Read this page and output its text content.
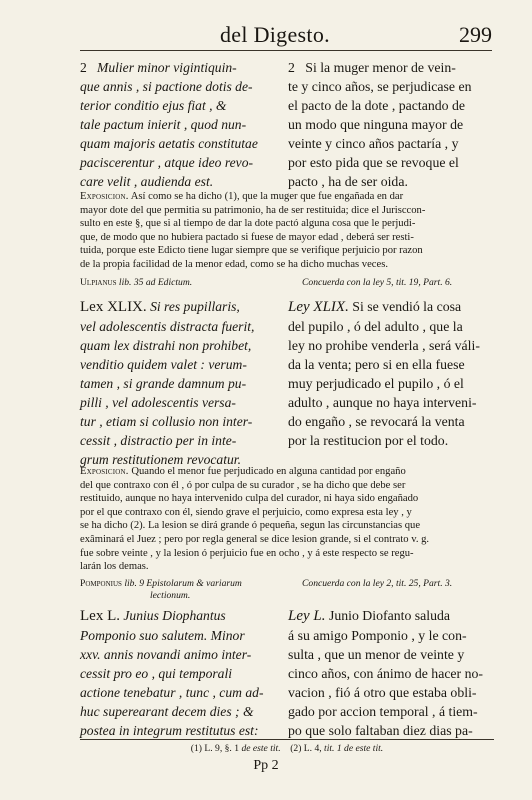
del Digesto.	299
2 Mulier minor vigintiquin-
que annis , si pactione dotis de-
terior conditio ejus fiat , &
tale pactum inierit , quod nun-
quam majoris aetatis constitutae
paciscerentur , atque ideo revo-
care velit , audienda est.
2 Si la muger menor de vein-
te y cinco años, se perjudicase en
el pacto de la dote , pactando de
un modo que ninguna mayor de
veinte y cinco años pactaría , y
por esto pida que se revoque el
pacto , ha de ser oida.
Exposicion. Así como se ha dicho (1), que la muger que fue engañada en dar
mayor dote del que permitia su patrimonio, ha de ser restituida; dice el Jurisccon-
sulto en este §, que si al tiempo de dar la dote pactó alguna cosa que le perjudi-
que, de modo que no hubiera pactado si fuese de mayor edad , deberá ser resti-
tuida, porque este Edicto tiene lugar siempre que se verifique perjuicio por razon
de la propia facilidad de la menor edad, como se ha dicho muchas veces.
Ulpianus lib. 35 ad Edictum.	Concuerda con la ley 5, tit. 19, Part. 6.
Lex XLIX. Si res pupillaris,
vel adolescentis distracta fuerit,
quam lex distrahi non prohibet,
venditio quidem valet : verum-
tamen , si grande damnum pu-
pilli , vel adolescentis versa-
tur , etiam si collusio non inter-
cessit , distractio per in inte-
grum restitutionem revocatur.
Ley XLIX. Si se vendió la cosa
del pupilo , ó del adulto , que la
ley no prohibe venderla , será váli-
da la venta; pero si en ella fuese
muy perjudicado el pupilo , ó el
adulto , aunque no haya interveni-
do engaño , se revocará la venta
por la restitucion por el todo.
Exposicion. Quando el menor fue perjudicado en alguna cantidad por engaño
del que contraxo con él , ó por culpa de su curador , se ha dicho que debe ser
restituido, aunque no haya intervenido culpa del curador, ni haya sido engañado
por el que contraxo con él, siendo grave el perjuicio, como expresa esta ley , y
se ha dicho (2). La lesion se dirá grande ó pequeña, segun las circunstancias que
exâminará el Juez ; pero por regla general se dice lesion grande, si el contrato v. g.
fue sobre veinte , y la lesion ó perjuicio fue en ocho , y á este respecto se regu-
larán los demas.
Pomponius lib. 9 Epistolarum & variarum
lectionum.
Concuerda con la ley 2, tit. 25, Part. 3.
Lex L. Junius Diophantus
Pomponio suo salutem. Minor
xxv. annis novandi animo inter-
cessit pro eo , qui temporali
actione tenebatur , tunc , cum ad-
huc superearant decem dies ; &
postea in integrum restitutus est:
Ley L. Junio Diofanto saluda
á su amigo Pomponio , y le con-
sulta , que un menor de veinte y
cinco años, con ánimo de hacer no-
vacion , fió á otro que estaba obli-
gado por accion temporal , á tiem-
po que solo faltaban diez dias pa-
(1) L. 9, §. 1 de este tit. (2) L. 4, tit. 1 de este tit.
Pp 2
